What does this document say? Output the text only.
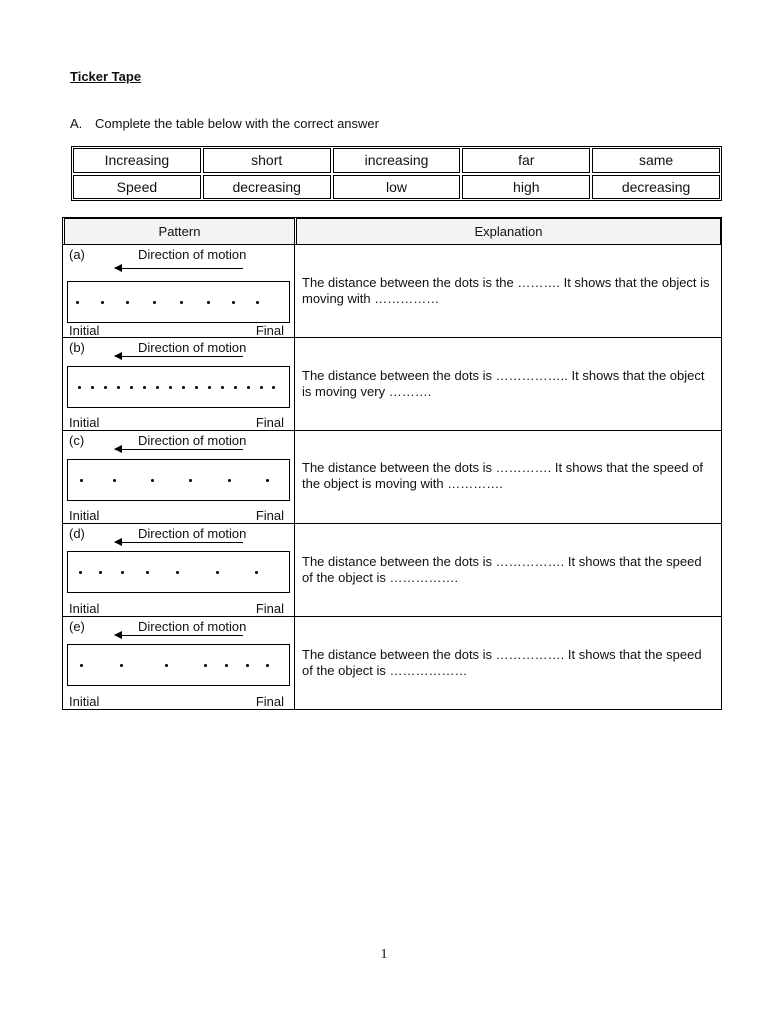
Ticker Tape
A. Complete the table below with the correct answer
Increasing	short	increasing	far	same
Speed	decreasing	low	high	decreasing
Pattern	Explanation
(a)	Direction of motion
Initial	Final
The distance between the dots is the ………. It shows that the object is moving with ……………
(b)	Direction of motion
Initial	Final
The distance between the dots is …………….. It shows that the object is moving very ……….
(c)	Direction of motion
Initial	Final
The distance between the dots is …………. It shows that the speed of the object is moving with ………….
(d)	Direction of motion
Initial	Final
The distance between the dots is ……………. It shows that the speed of the object is …………….
(e)	Direction of motion
Initial	Final
The distance between the dots is ……………. It shows that the speed of the object is ………………
1
